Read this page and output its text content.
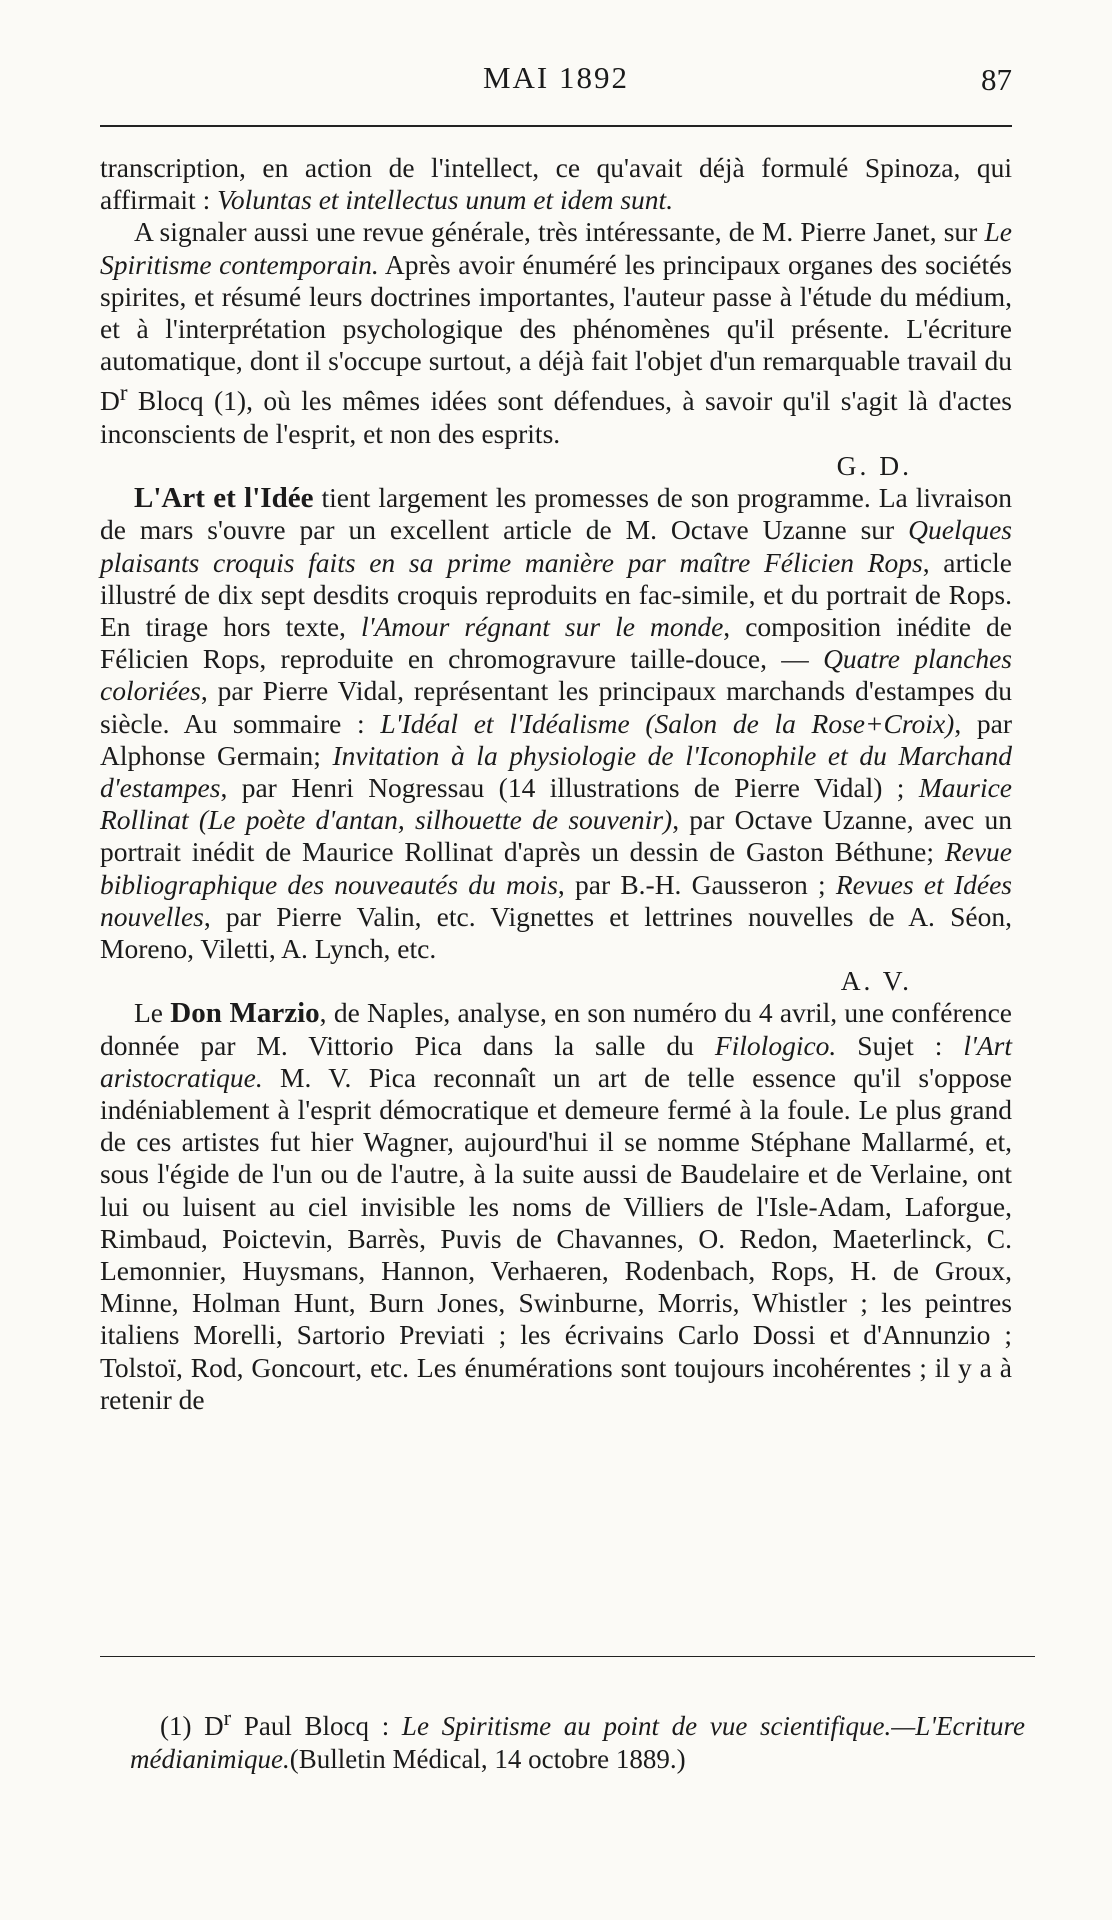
MAI 1892	87

transcription, en action de l'intellect, ce qu'avait déjà formulé Spinoza, qui affirmait : Voluntas et intellectus unum et idem sunt.

A signaler aussi une revue générale, très intéressante, de M. Pierre Janet, sur Le Spiritisme contemporain. Après avoir énuméré les principaux organes des sociétés spirites, et résumé leurs doctrines importantes, l'auteur passe à l'étude du médium, et à l'interprétation psychologique des phénomènes qu'il présente. L'écriture automatique, dont il s'occupe surtout, a déjà fait l'objet d'un remarquable travail du $D^r$ Blocq (1), où les mêmes idées sont défendues, à savoir qu'il s'agit là d'actes inconscients de l'esprit, et non des esprits.

G. D.

L'Art et l'Idée tient largement les promesses de son programme. La livraison de mars s'ouvre par un excellent article de M. Octave Uzanne sur Quelques plaisants croquis faits en sa prime manière par maître Félicien Rops, article illustré de dix sept desdits croquis reproduits en fac-simile, et du portrait de Rops. En tirage hors texte, l'Amour régnant sur le monde, composition inédite de Félicien Rops, reproduite en chromogravure taille-douce, — Quatre planches coloriées, par Pierre Vidal, représentant les principaux marchands d'estampes du siècle. Au sommaire : L'Idéal et l'Idéalisme (Salon de la Rose+Croix), par Alphonse Germain; Invitation à la physiologie de l'Iconophile et du Marchand d'estampes, par Henri Nogressau (14 illustrations de Pierre Vidal) ; Maurice Rollinat (Le poète d'antan, silhouette de souvenir), par Octave Uzanne, avec un portrait inédit de Maurice Rollinat d'après un dessin de Gaston Béthune; Revue bibliographique des nouveautés du mois, par B.-H. Gausseron ; Revues et Idées nouvelles, par Pierre Valin, etc. Vignettes et lettrines nouvelles de A. Séon, Moreno, Viletti, A. Lynch, etc.

A. V.

Le Don Marzio, de Naples, analyse, en son numéro du 4 avril, une conférence donnée par M. Vittorio Pica dans la salle du Filologico. Sujet : l'Art aristocratique. M. V. Pica reconnaît un art de telle essence qu'il s'oppose indéniablement à l'esprit démocratique et demeure fermé à la foule. Le plus grand de ces artistes fut hier Wagner, aujourd'hui il se nomme Stéphane Mallarmé, et, sous l'égide de l'un ou de l'autre, à la suite aussi de Baudelaire et de Verlaine, ont lui ou luisent au ciel invisible les noms de Villiers de l'Isle-Adam, Laforgue, Rimbaud, Poictevin, Barrès, Puvis de Chavannes, O. Redon, Maeterlinck, C. Lemonnier, Huysmans, Hannon, Verhaeren, Rodenbach, Rops, H. de Groux, Minne, Holman Hunt, Burn Jones, Swinburne, Morris, Whistler ; les peintres italiens Morelli, Sartorio Previati ; les écrivains Carlo Dossi et d'Annunzio ; Tolstoï, Rod, Goncourt, etc. Les énumérations sont toujours incohérentes ; il y a à retenir de

(1) $D^r$ Paul Blocq : Le Spiritisme au point de vue scientifique.—L'Ecriture médianimique.(Bulletin Médical, 14 octobre 1889.)
